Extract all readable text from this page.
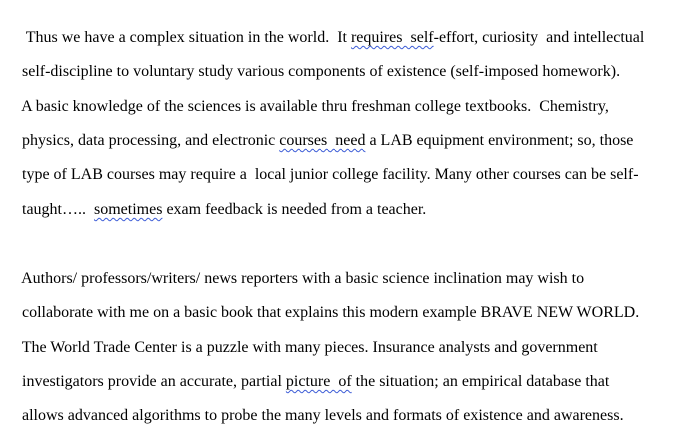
Thus we have a complex situation in the world.  It requires  self-effort, curiosity  and intellectual

self-discipline to voluntary study various components of existence (self-imposed homework).

A basic knowledge of the sciences is available thru freshman college textbooks.  Chemistry,

physics, data processing, and electronic courses  need a LAB equipment environment; so, those

type of LAB courses may require a  local junior college facility. Many other courses can be self-

taught…..  sometimes exam feedback is needed from a teacher.

Authors/ professors/writers/ news reporters with a basic science inclination may wish to

collaborate with me on a basic book that explains this modern example BRAVE NEW WORLD.

The World Trade Center is a puzzle with many pieces. Insurance analysts and government

investigators provide an accurate, partial picture  of the situation; an empirical database that

allows advanced algorithms to probe the many levels and formats of existence and awareness.
